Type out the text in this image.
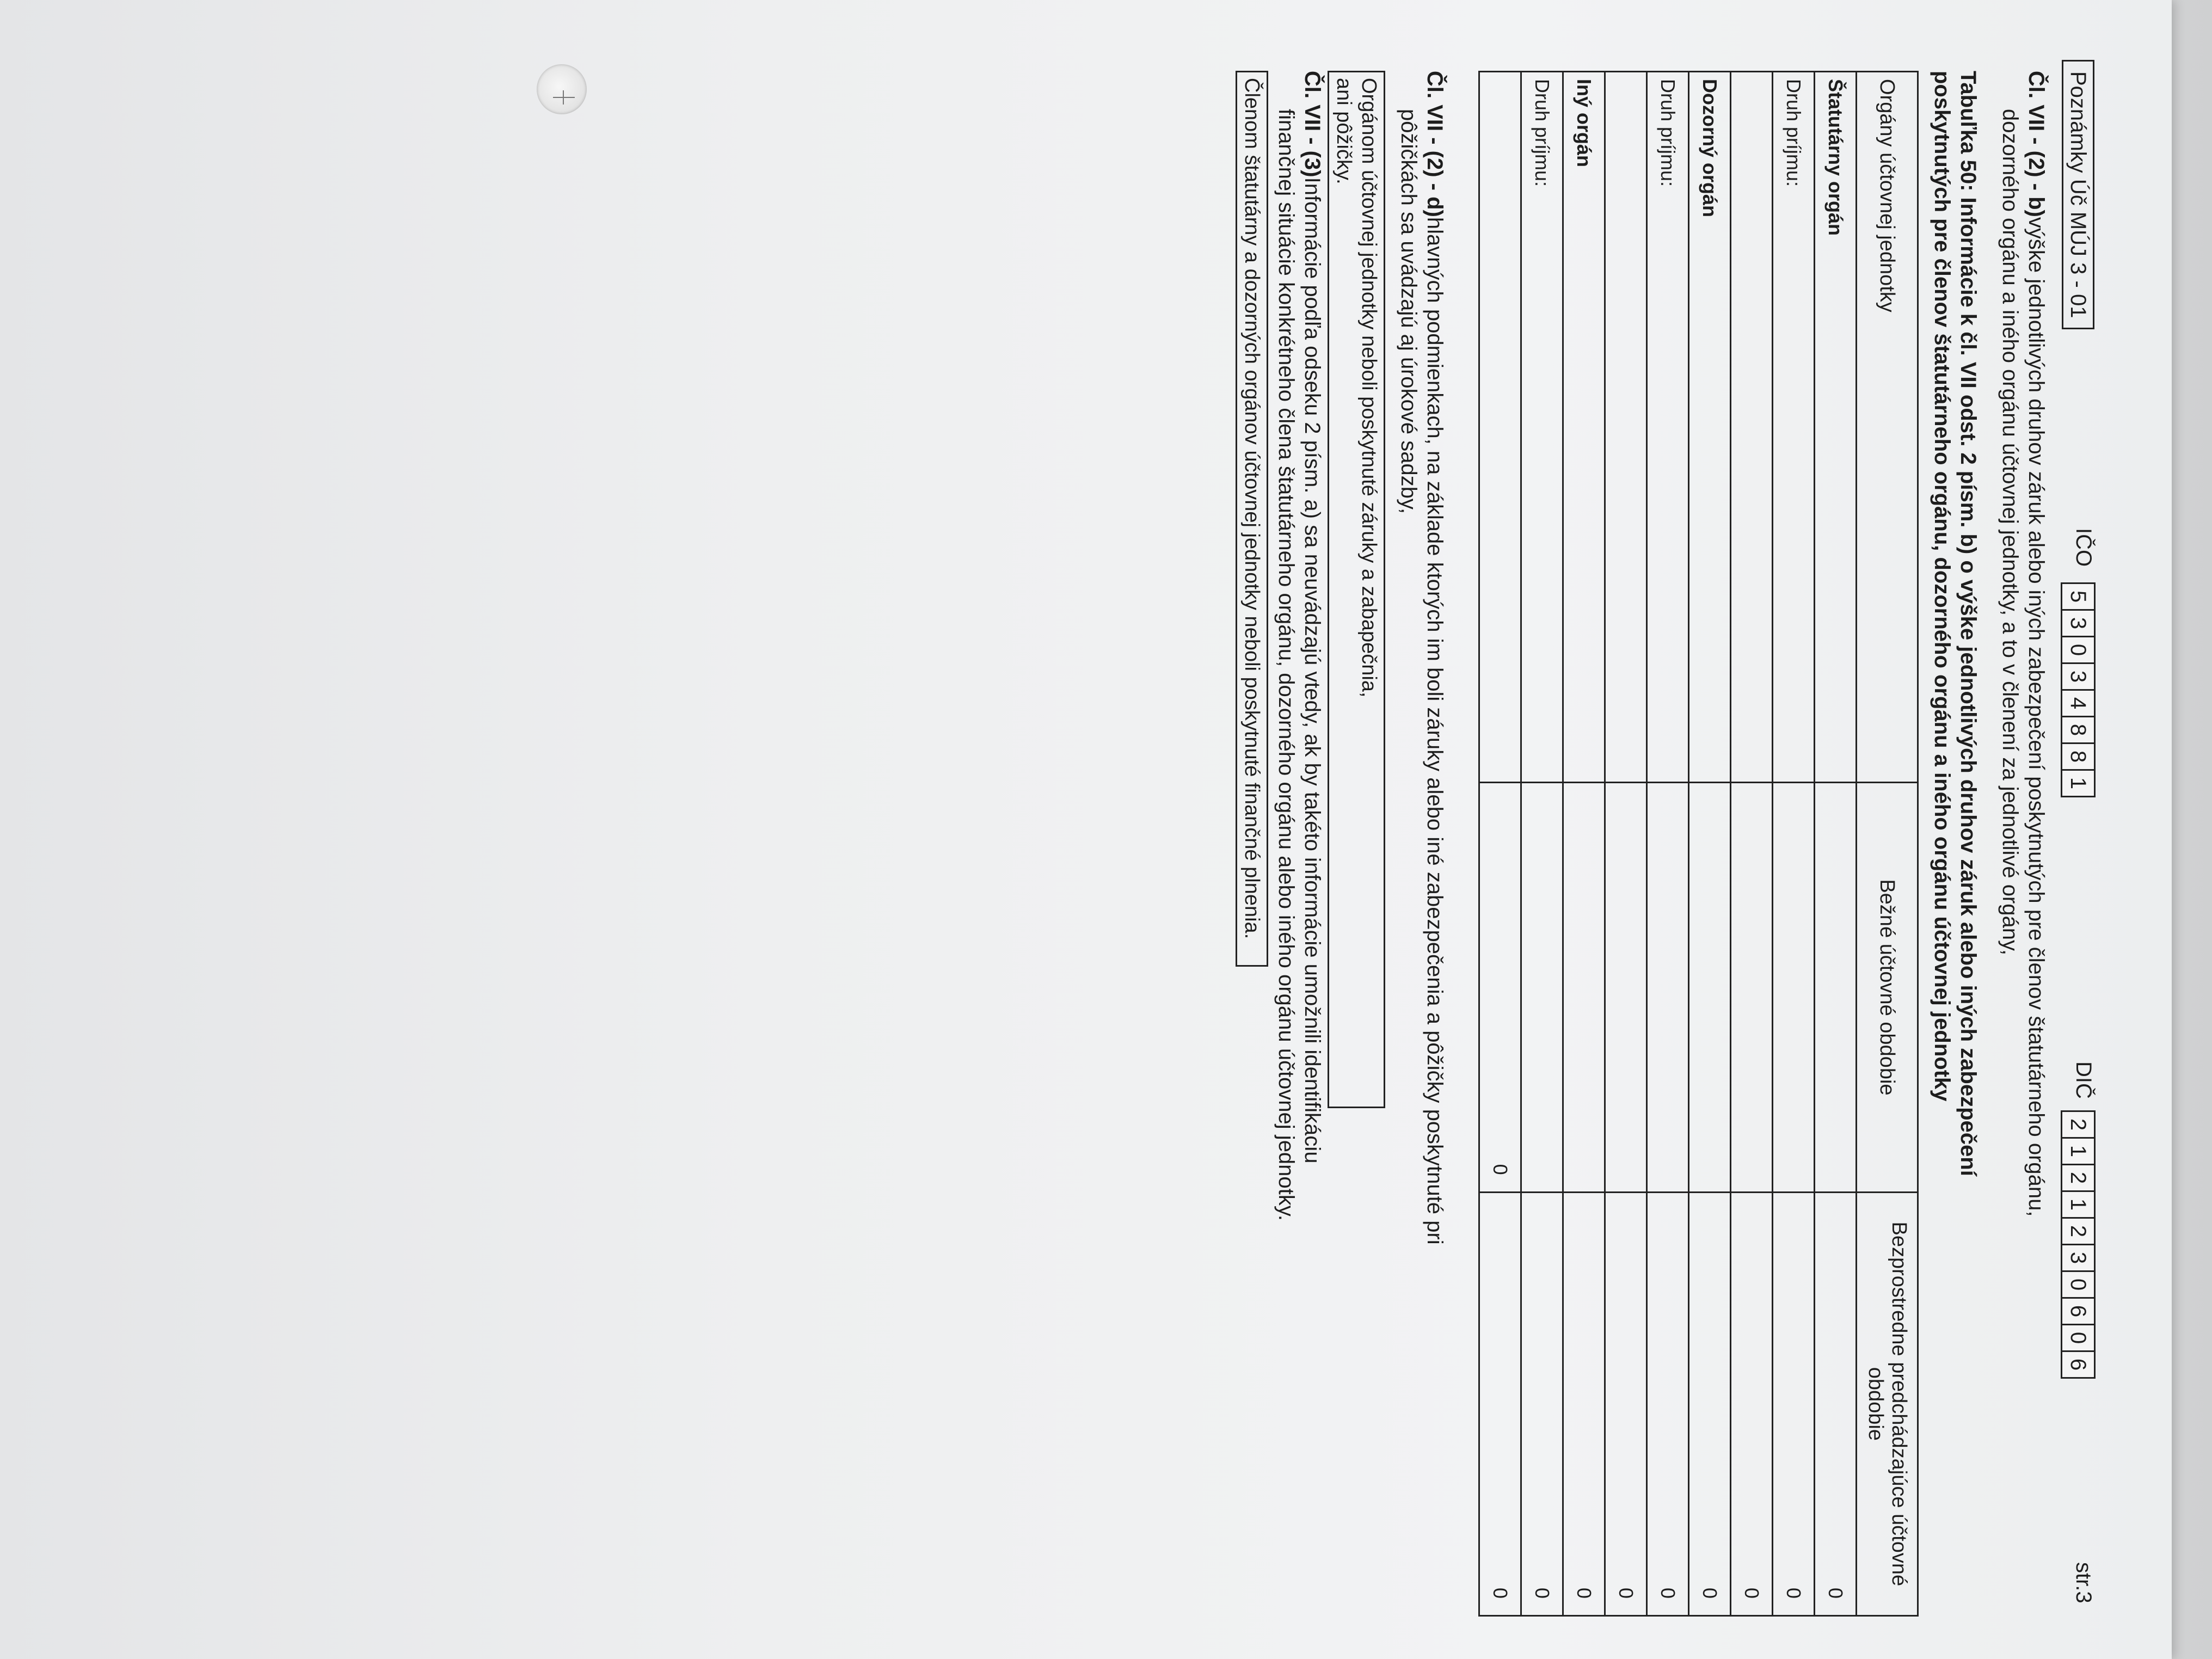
Poznámky Úč MÚJ 3 - 01
IČO
5
3
0
3
4
8
8
1
DIČ
2
1
2
1
2
3
0
6
0
6
str.3
Čl. VII - (2) - b)výške jednotlivých druhov záruk alebo iných zabezpečení poskytnutých pre členov štatutárneho orgánu,
dozorného orgánu a iného orgánu účtovnej jednotky, a to v členení za jednotlivé orgány,
Tabuľka 50: Informácie k čl. VII odst. 2 písm. b) o výške jednotlivých druhov záruk alebo iných zabezpečení
poskytnutých pre členov štatutárneho orgánu, dozorného orgánu a iného orgánu účtovnej jednotky
Orgány účtovnej jednotky	Bežné účtovné obdobie	Bezprostredne predchádzajúce účtovné obdobie
Štatutárny orgán		0
Druh príjmu:		0
		0
Dozorný orgán		0
Druh príjmu:		0
		0
Iný orgán		0
Druh príjmu:		0
	0	0
Čl. VII - (2) - d)hlavných podmienkach, na základe ktorých im boli záruky alebo iné zabezpečenia a pôžičky poskytnuté pri
pôžičkách sa uvádzajú aj úrokové sadzby,
Orgánom účtovnej jednotky neboli poskytnuté záruky a zabapečnia,
ani pôžičky.
Čl. VII - (3)Informácie podľa odseku 2 písm. a) sa neuvádzajú vtedy, ak by takéto informácie umožnili identifikáciu
finančnej situácie konkrétneho člena štatutárneho orgánu, dozorného orgánu alebo iného orgánu účtovnej jednotky.
Členom štatutárny a dozorných orgánov účtovnej jednotky neboli poskytnuté finančné plnenia.
